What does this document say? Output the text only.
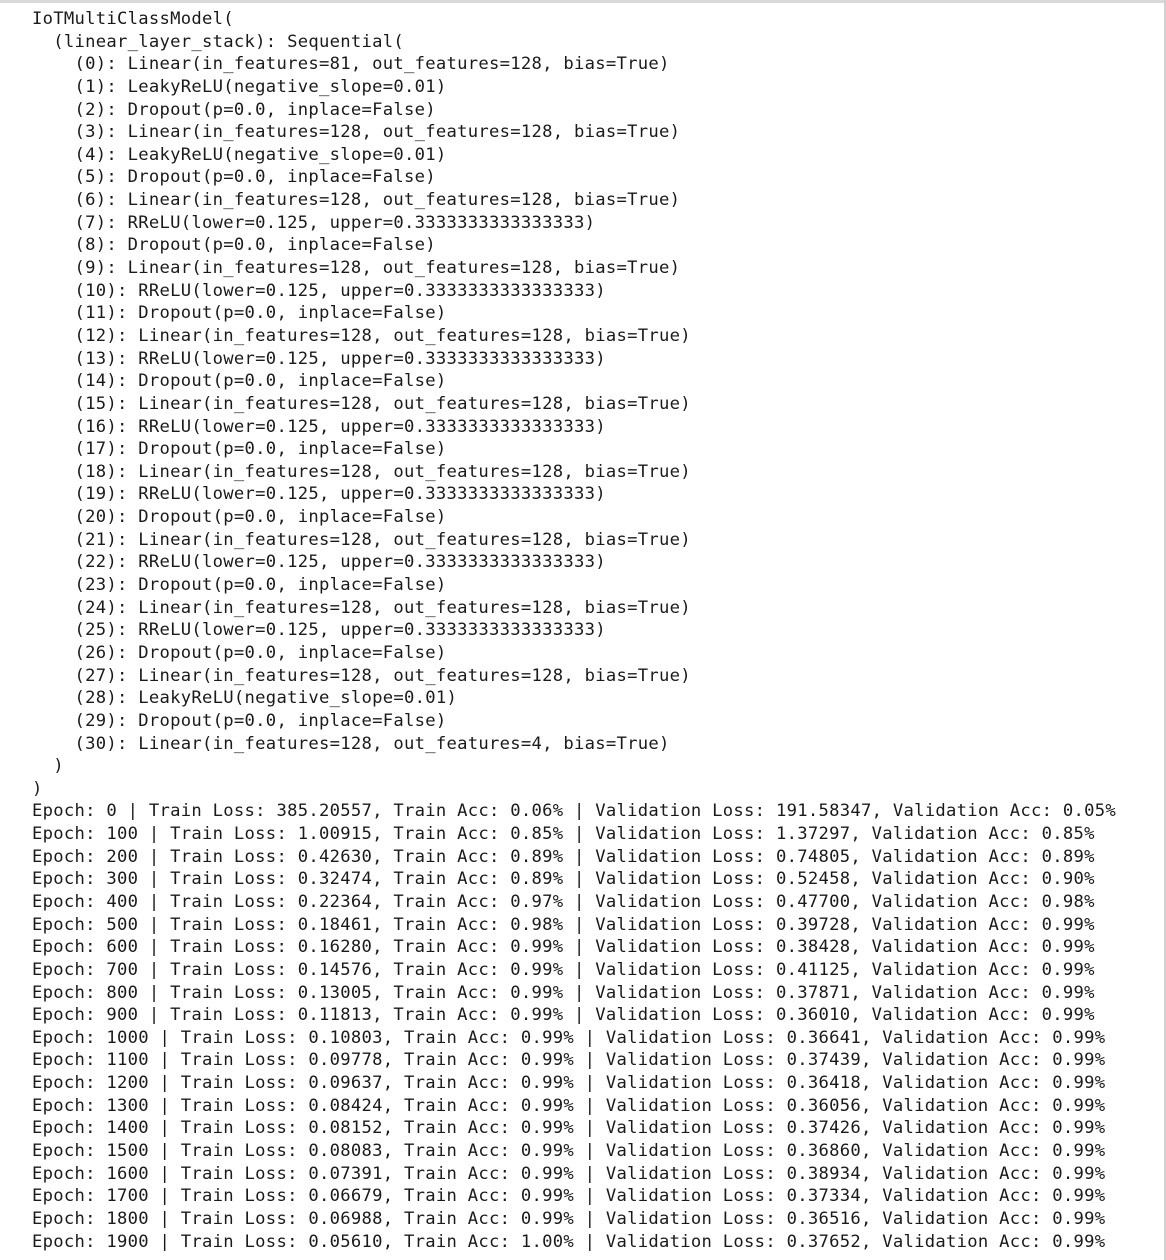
IoTMultiClassModel(
(linear_layer_stack): Sequential(
(0): Linear(in_features=81, out_features=128, bias=True)
(1): LeakyReLU(negative_slope=0.01)
(2): Dropout(p=0.0, inplace=False)
(3): Linear(in_features=128, out_features=128, bias=True)
(4): LeakyReLU(negative_slope=0.01)
(5): Dropout(p=0.0, inplace=False)
(6): Linear(in_features=128, out_features=128, bias=True)
(7): RReLU(lower=0.125, upper=0.3333333333333333)
(8): Dropout(p=0.0, inplace=False)
(9): Linear(in_features=128, out_features=128, bias=True)
(10): RReLU(lower=0.125, upper=0.3333333333333333)
(11): Dropout(p=0.0, inplace=False)
(12): Linear(in_features=128, out_features=128, bias=True)
(13): RReLU(lower=0.125, upper=0.3333333333333333)
(14): Dropout(p=0.0, inplace=False)
(15): Linear(in_features=128, out_features=128, bias=True)
(16): RReLU(lower=0.125, upper=0.3333333333333333)
(17): Dropout(p=0.0, inplace=False)
(18): Linear(in_features=128, out_features=128, bias=True)
(19): RReLU(lower=0.125, upper=0.3333333333333333)
(20): Dropout(p=0.0, inplace=False)
(21): Linear(in_features=128, out_features=128, bias=True)
(22): RReLU(lower=0.125, upper=0.3333333333333333)
(23): Dropout(p=0.0, inplace=False)
(24): Linear(in_features=128, out_features=128, bias=True)
(25): RReLU(lower=0.125, upper=0.3333333333333333)
(26): Dropout(p=0.0, inplace=False)
(27): Linear(in_features=128, out_features=128, bias=True)
(28): LeakyReLU(negative_slope=0.01)
(29): Dropout(p=0.0, inplace=False)
(30): Linear(in_features=128, out_features=4, bias=True)
)
)
Epoch: 0 | Train Loss: 385.20557, Train Acc: 0.06% | Validation Loss: 191.58347, Validation Acc: 0.05%
Epoch: 100 | Train Loss: 1.00915, Train Acc: 0.85% | Validation Loss: 1.37297, Validation Acc: 0.85%
Epoch: 200 | Train Loss: 0.42630, Train Acc: 0.89% | Validation Loss: 0.74805, Validation Acc: 0.89%
Epoch: 300 | Train Loss: 0.32474, Train Acc: 0.89% | Validation Loss: 0.52458, Validation Acc: 0.90%
Epoch: 400 | Train Loss: 0.22364, Train Acc: 0.97% | Validation Loss: 0.47700, Validation Acc: 0.98%
Epoch: 500 | Train Loss: 0.18461, Train Acc: 0.98% | Validation Loss: 0.39728, Validation Acc: 0.99%
Epoch: 600 | Train Loss: 0.16280, Train Acc: 0.99% | Validation Loss: 0.38428, Validation Acc: 0.99%
Epoch: 700 | Train Loss: 0.14576, Train Acc: 0.99% | Validation Loss: 0.41125, Validation Acc: 0.99%
Epoch: 800 | Train Loss: 0.13005, Train Acc: 0.99% | Validation Loss: 0.37871, Validation Acc: 0.99%
Epoch: 900 | Train Loss: 0.11813, Train Acc: 0.99% | Validation Loss: 0.36010, Validation Acc: 0.99%
Epoch: 1000 | Train Loss: 0.10803, Train Acc: 0.99% | Validation Loss: 0.36641, Validation Acc: 0.99%
Epoch: 1100 | Train Loss: 0.09778, Train Acc: 0.99% | Validation Loss: 0.37439, Validation Acc: 0.99%
Epoch: 1200 | Train Loss: 0.09637, Train Acc: 0.99% | Validation Loss: 0.36418, Validation Acc: 0.99%
Epoch: 1300 | Train Loss: 0.08424, Train Acc: 0.99% | Validation Loss: 0.36056, Validation Acc: 0.99%
Epoch: 1400 | Train Loss: 0.08152, Train Acc: 0.99% | Validation Loss: 0.37426, Validation Acc: 0.99%
Epoch: 1500 | Train Loss: 0.08083, Train Acc: 0.99% | Validation Loss: 0.36860, Validation Acc: 0.99%
Epoch: 1600 | Train Loss: 0.07391, Train Acc: 0.99% | Validation Loss: 0.38934, Validation Acc: 0.99%
Epoch: 1700 | Train Loss: 0.06679, Train Acc: 0.99% | Validation Loss: 0.37334, Validation Acc: 0.99%
Epoch: 1800 | Train Loss: 0.06988, Train Acc: 0.99% | Validation Loss: 0.36516, Validation Acc: 0.99%
Epoch: 1900 | Train Loss: 0.05610, Train Acc: 1.00% | Validation Loss: 0.37652, Validation Acc: 0.99%
